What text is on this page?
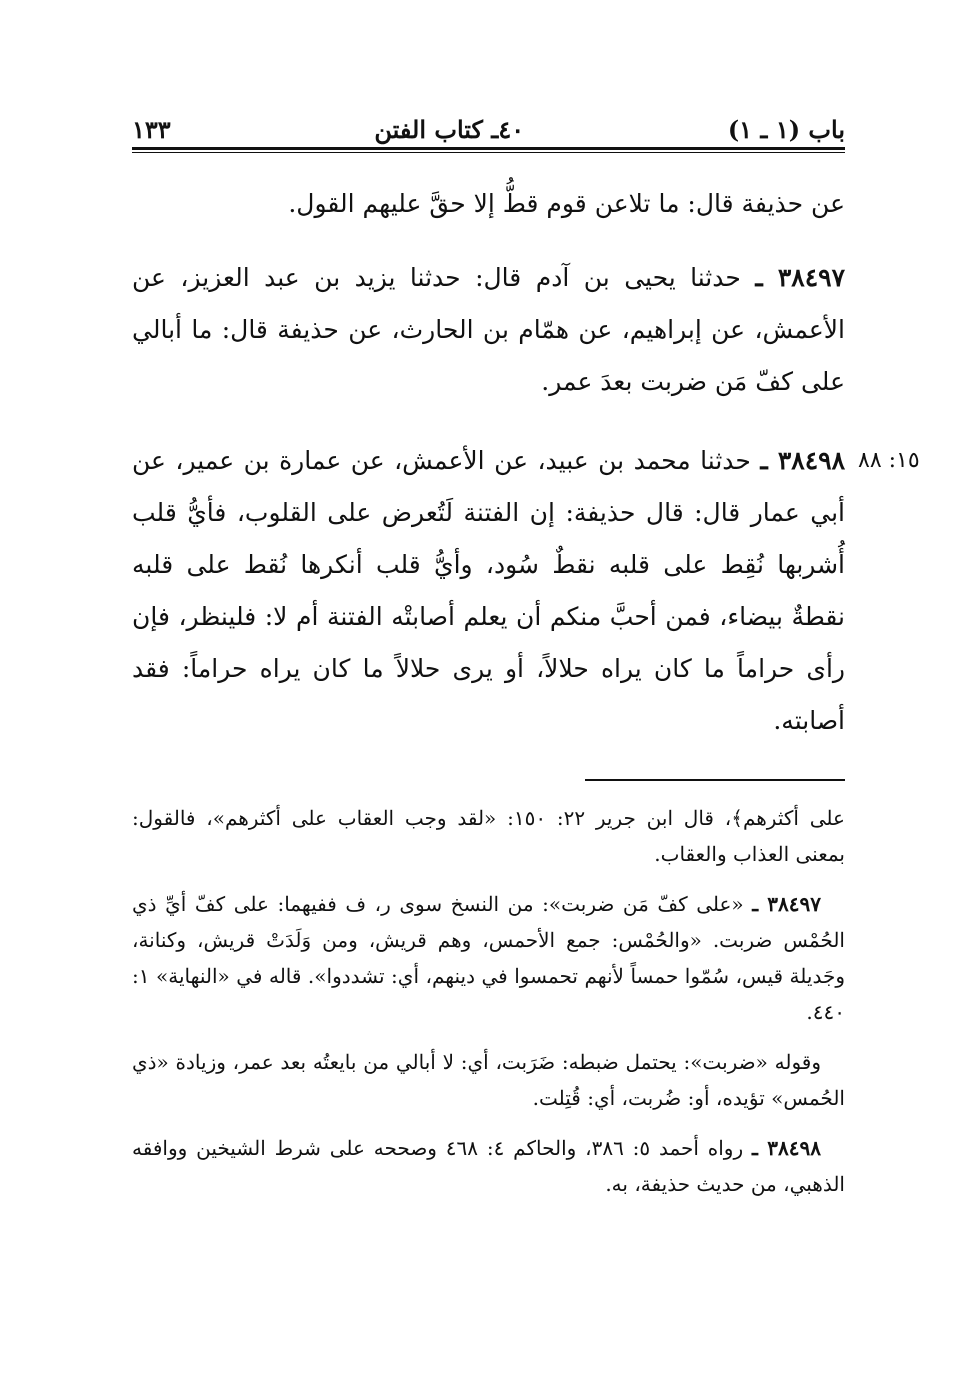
باب (١ ـ ١)
٤٠ـ كتاب الفتن
١٣٣

عن حذيفة قال: ما تلاعن قوم قطُّ إلا حقَّ عليهم القول.

٣٨٤٩٧ ـ حدثنا يحيى بن آدم قال: حدثنا يزيد بن عبد العزيز، عن الأعمش، عن إبراهيم، عن همّام بن الحارث، عن حذيفة قال: ما أبالي على كفّ مَن ضربت بعدَ عمر.

١٥: ٨٨

٣٨٤٩٨ ـ حدثنا محمد بن عبيد، عن الأعمش، عن عمارة بن عمير، عن أبي عمار قال: قال حذيفة: إن الفتنة لَتُعرض على القلوب، فأيُّ قلب أُشربها نُقِط على قلبه نقطٌ سُود، وأيُّ قلب أنكرها نُقط على قلبه نقطةٌ بيضاء، فمن أحبَّ منكم أن يعلم أصابتْه الفتنة أم لا: فلينظر، فإن رأى حراماً ما كان يراه حلالاً، أو يرى حلالاً ما كان يراه حراماً: فقد أصابته.

على أكثرهم﴾، قال ابن جرير ٢٢: ١٥٠: «لقد وجب العقاب على أكثرهم»، فالقول: بمعنى العذاب والعقاب.

٣٨٤٩٧ ـ «على كفّ مَن ضربت»: من النسخ سوى ر، ف ففيهما: على كفّ أيِّ ذي الحُمْس ضربت. «والحُمْس: جمع الأحمس، وهم قريش، ومن وَلَدَتْ قريش، وكنانة، وجَديلة قيس، سُمّوا حمساً لأنهم تحمسوا في دينهم، أي: تشددوا». قاله في «النهاية» ١: ٤٤٠.

وقوله «ضربت»: يحتمل ضبطه: ضَرَبت، أي: لا أبالي من بايعتُه بعد عمر، وزيادة «ذي الحُمس» تؤيده، أو: ضُربت، أي: قُتِلت.

٣٨٤٩٨ ـ رواه أحمد ٥: ٣٨٦، والحاكم ٤: ٤٦٨ وصححه على شرط الشيخين ووافقه الذهبي، من حديث حذيفة، به.
